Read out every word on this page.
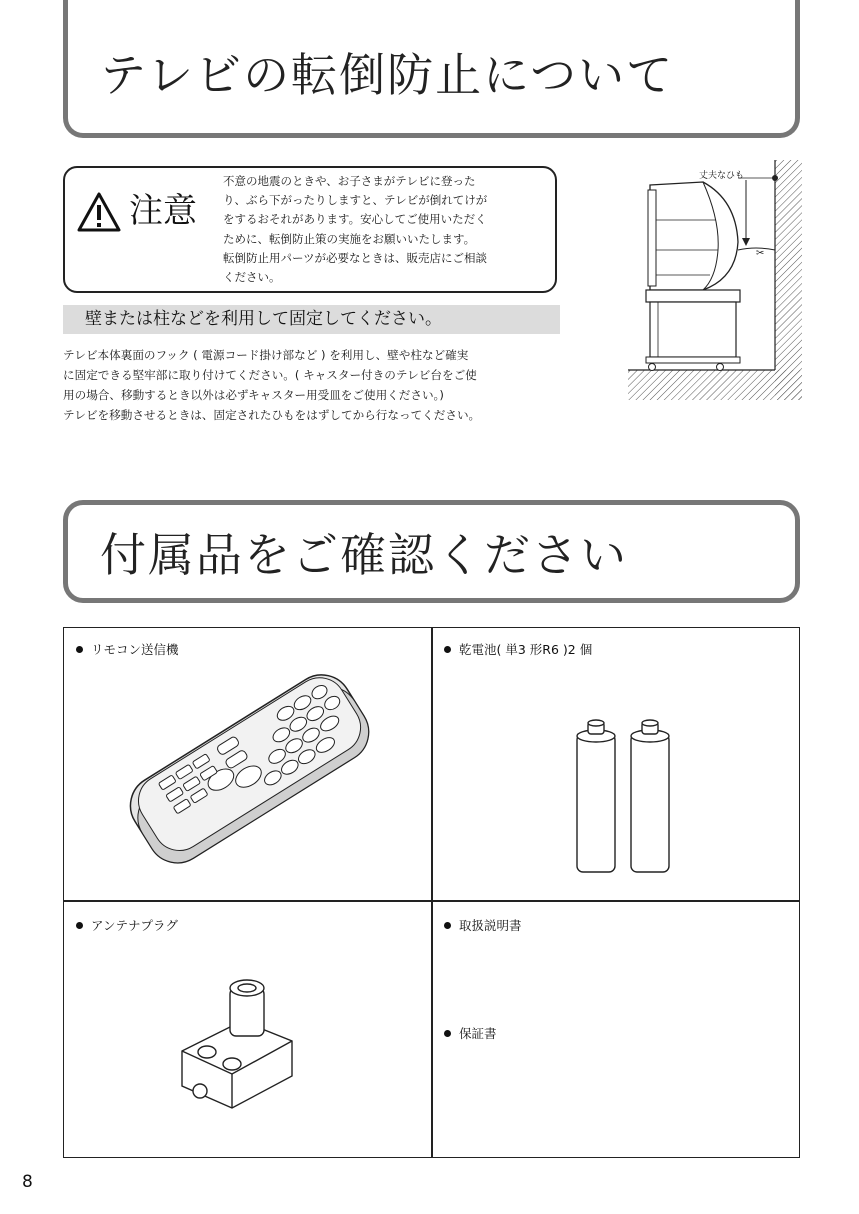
テレビの転倒防止について
注意
不意の地震のときや、お子さまがテレビに登った
り、ぶら下がったりしますと、テレビが倒れてけが
をするおそれがあります。安心してご使用いただく
ために、転倒防止策の実施をお願いいたします。
転倒防止用パーツが必要なときは、販売店にご相談
ください。
壁または柱などを利用して固定してください。
テレビ本体裏面のフック ( 電源コード掛け部など ) を利用し、壁や柱など確実
に固定できる堅牢部に取り付けてください。( キャスター付きのテレビ台をご使
用の場合、移動するとき以外は必ずキャスター用受皿をご使用ください。)
テレビを移動させるときは、固定されたひもをはずしてから行なってください。
✂
丈夫なひも
付属品をご確認ください
リモコン送信機	乾電池( 単3 形R6 )2 個
アンテナプラグ	取扱説明書
保証書
8
